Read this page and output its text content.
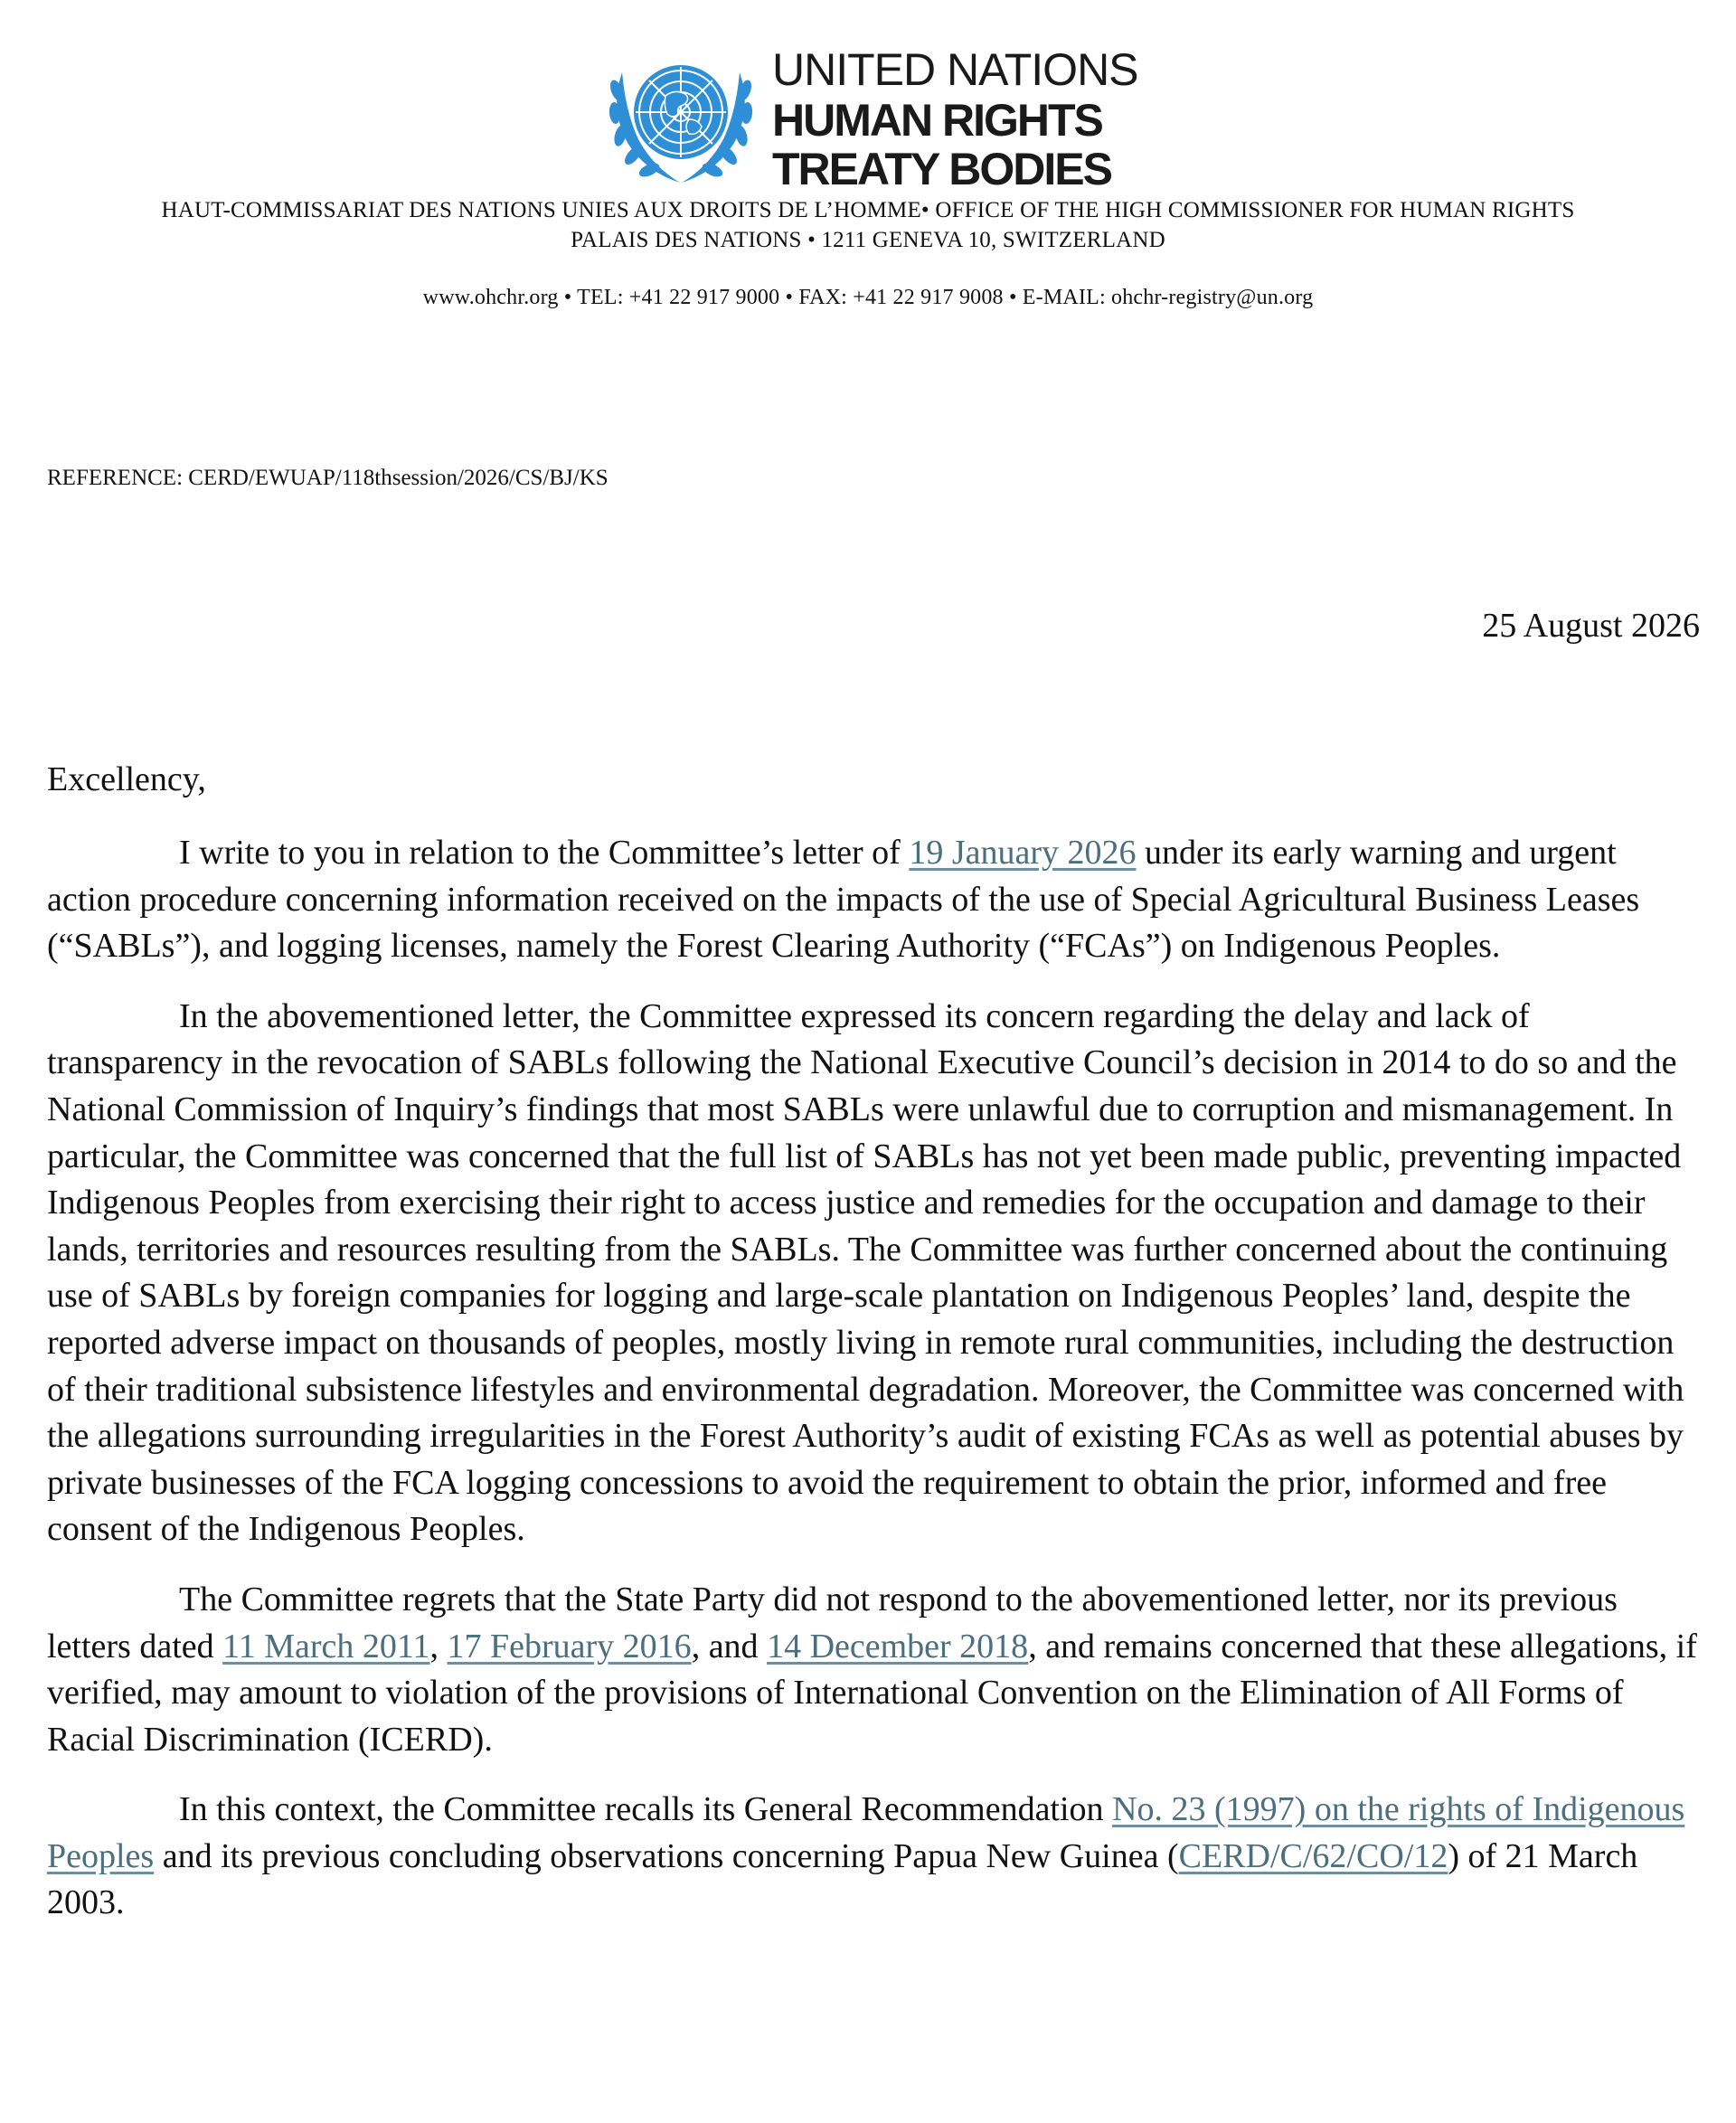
UNITED NATIONS
HUMAN RIGHTS
TREATY BODIES
HAUT-COMMISSARIAT DES NATIONS UNIES AUX DROITS DE L’HOMME• OFFICE OF THE HIGH COMMISSIONER FOR HUMAN RIGHTS
PALAIS DES NATIONS • 1211 GENEVA 10, SWITZERLAND
www.ohchr.org • TEL: +41 22 917 9000 • FAX: +41 22 917 9008 • E-MAIL: ohchr-registry@un.org
REFERENCE: CERD/EWUAP/118thsession/2026/CS/BJ/KS
25 August 2026
Excellency,

I write to you in relation to the Committee’s letter of 19 January 2026 under its early warning and urgent action procedure concerning information received on the impacts of the use of Special Agricultural Business Leases (“SABLs”), and logging licenses, namely the Forest Clearing Authority (“FCAs”) on Indigenous Peoples.

In the abovementioned letter, the Committee expressed its concern regarding the delay and lack of transparency in the revocation of SABLs following the National Executive Council’s decision in 2014 to do so and the National Commission of Inquiry’s findings that most SABLs were unlawful due to corruption and mismanagement. In particular, the Committee was concerned that the full list of SABLs has not yet been made public, preventing impacted Indigenous Peoples from exercising their right to access justice and remedies for the occupation and damage to their lands, territories and resources resulting from the SABLs. The Committee was further concerned about the continuing use of SABLs by foreign companies for logging and large-scale plantation on Indigenous Peoples’ land, despite the reported adverse impact on thousands of peoples, mostly living in remote rural communities, including the destruction of their traditional subsistence lifestyles and environmental degradation. Moreover, the Committee was concerned with the allegations surrounding irregularities in the Forest Authority’s audit of existing FCAs as well as potential abuses by private businesses of the FCA logging concessions to avoid the requirement to obtain the prior, informed and free consent of the Indigenous Peoples.

The Committee regrets that the State Party did not respond to the abovementioned letter, nor its previous letters dated 11 March 2011, 17 February 2016, and 14 December 2018, and remains concerned that these allegations, if verified, may amount to violation of the provisions of International Convention on the Elimination of All Forms of Racial Discrimination (ICERD).

In this context, the Committee recalls its General Recommendation No. 23 (1997) on the rights of Indigenous Peoples and its previous concluding observations concerning Papua New Guinea (CERD/C/62/CO/12) of 21 March 2003.
